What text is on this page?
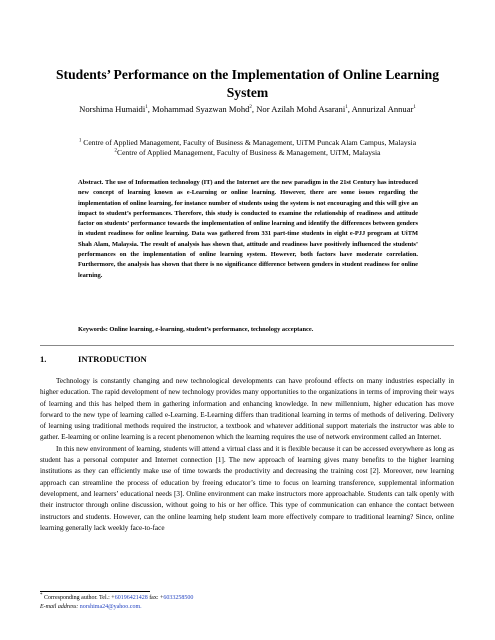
Students’ Performance on the Implementation of Online Learning System
Norshima Humaidi$^1$, Mohammad Syazwan Mohd$^2$, Nor Azilah Mohd Asarani$^1$, Annurizal Annuar$^1$
$^1$ Centre of Applied Management, Faculty of Business & Management, UiTM Puncak Alam Campus, Malaysia
$^2$Centre of Applied Management, Faculty of Business & Management, UiTM, Malaysia
Abstract. The use of Information technology (IT) and the Internet are the new paradigm in the 21st Century has introduced new concept of learning known as e-Learning or online learning. However, there are some issues regarding the implementation of online learning, for instance number of students using the system is not encouraging and this will give an impact to student’s performances. Therefore, this study is conducted to examine the relationship of readiness and attitude factor on students’ performance towards the implementation of online learning and identify the differences between genders in student readiness for online learning. Data was gathered from 331 part-time students in eight e-PJJ program at UiTM Shah Alam, Malaysia. The result of analysis has shown that, attitude and readiness have positively influenced the students’ performances on the implementation of online learning system. However, both factors have moderate correlation. Furthermore, the analysis has shown that there is no significance difference between genders in student readiness for online learning.
Keywords: Online learning, e-learning, student’s performance, technology acceptance.
1.	INTRODUCTION

Technology is constantly changing and new technological developments can have profound effects on many industries especially in higher education. The rapid development of new technology provides many opportunities to the organizations in terms of improving their ways of learning and this has helped them in gathering information and enhancing knowledge. In new millennium, higher education has move forward to the new type of learning called e-Learning. E-Learning differs than traditional learning in terms of methods of delivering. Delivery of learning using traditional methods required the instructor, a textbook and whatever additional support materials the instructor was able to gather. E-learning or online learning is a recent phenomenon which the learning requires the use of network environment called an Internet.

In this new environment of learning, students will attend a virtual class and it is flexible because it can be accessed everywhere as long as student has a personal computer and Internet connection [1]. The new approach of learning gives many benefits to the higher learning institutions as they can efficiently make use of time towards the productivity and decreasing the training cost [2]. Moreover, new learning approach can streamline the process of education by freeing educator’s time to focus on learning transference, supplemental information development, and learners’ educational needs [3]. Online environment can make instructors more approachable. Students can talk openly with their instructor through online discussion, without going to his or her office. This type of communication can enhance the contact between instructors and students. However, can the online learning help student learn more effectively compare to traditional learning? Since, online learning generally lack weekly face-to-face

* Corresponding author. Tel.: +60196421428 fax: +6033258500
E-mail address: norshima24@yahoo.com.
